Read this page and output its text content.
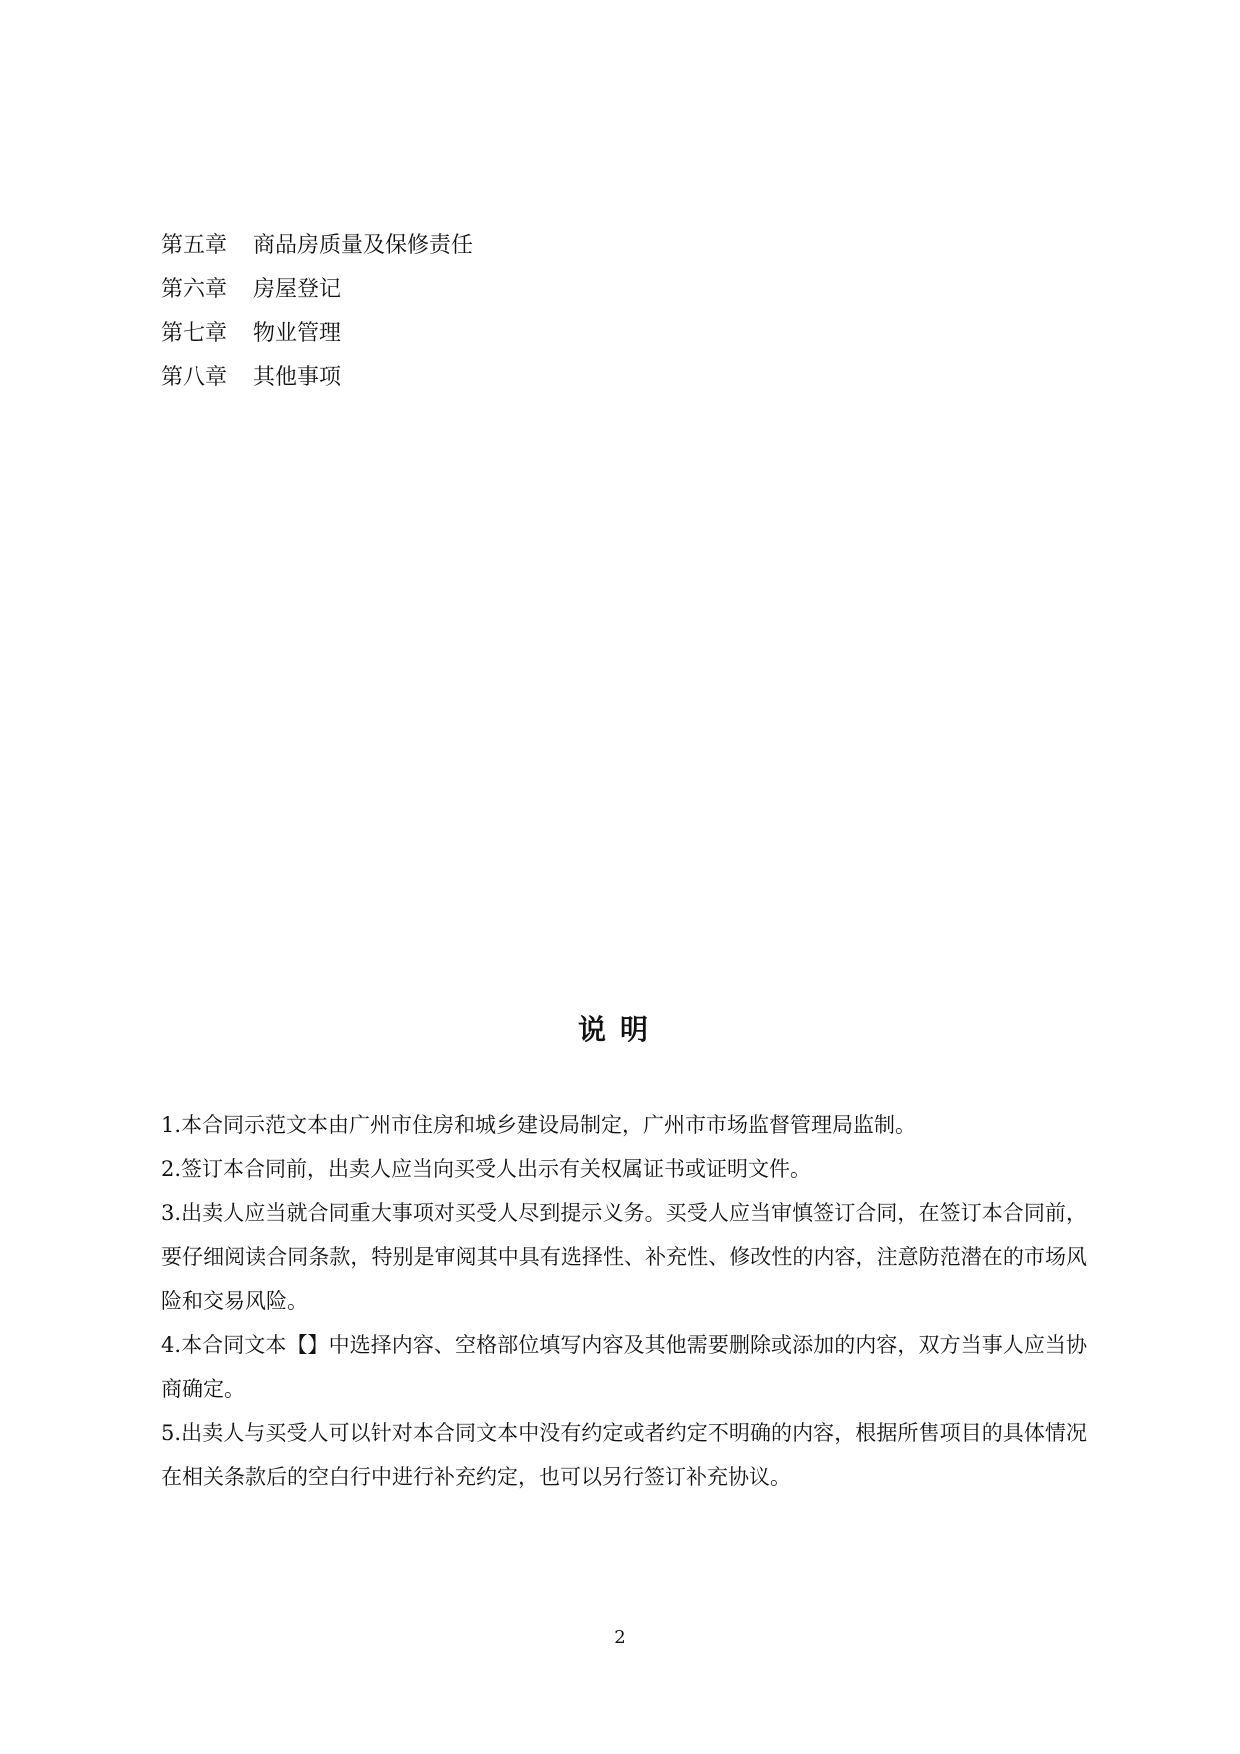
第五章 商品房质量及保修责任
第六章 房屋登记
第七章 物业管理
第八章 其他事项
说明

1.本合同示范文本由广州市住房和城乡建设局制定，广州市市场监督管理局监制。

2.签订本合同前，出卖人应当向买受人出示有关权属证书或证明文件。

3.出卖人应当就合同重大事项对买受人尽到提示义务。买受人应当审慎签订合同，在签订本合同前，要仔细阅读合同条款，特别是审阅其中具有选择性、补充性、修改性的内容，注意防范潜在的市场风险和交易风险。

4.本合同文本【】中选择内容、空格部位填写内容及其他需要删除或添加的内容，双方当事人应当协商确定。

5.出卖人与买受人可以针对本合同文本中没有约定或者约定不明确的内容，根据所售项目的具体情况在相关条款后的空白行中进行补充约定，也可以另行签订补充协议。

2
